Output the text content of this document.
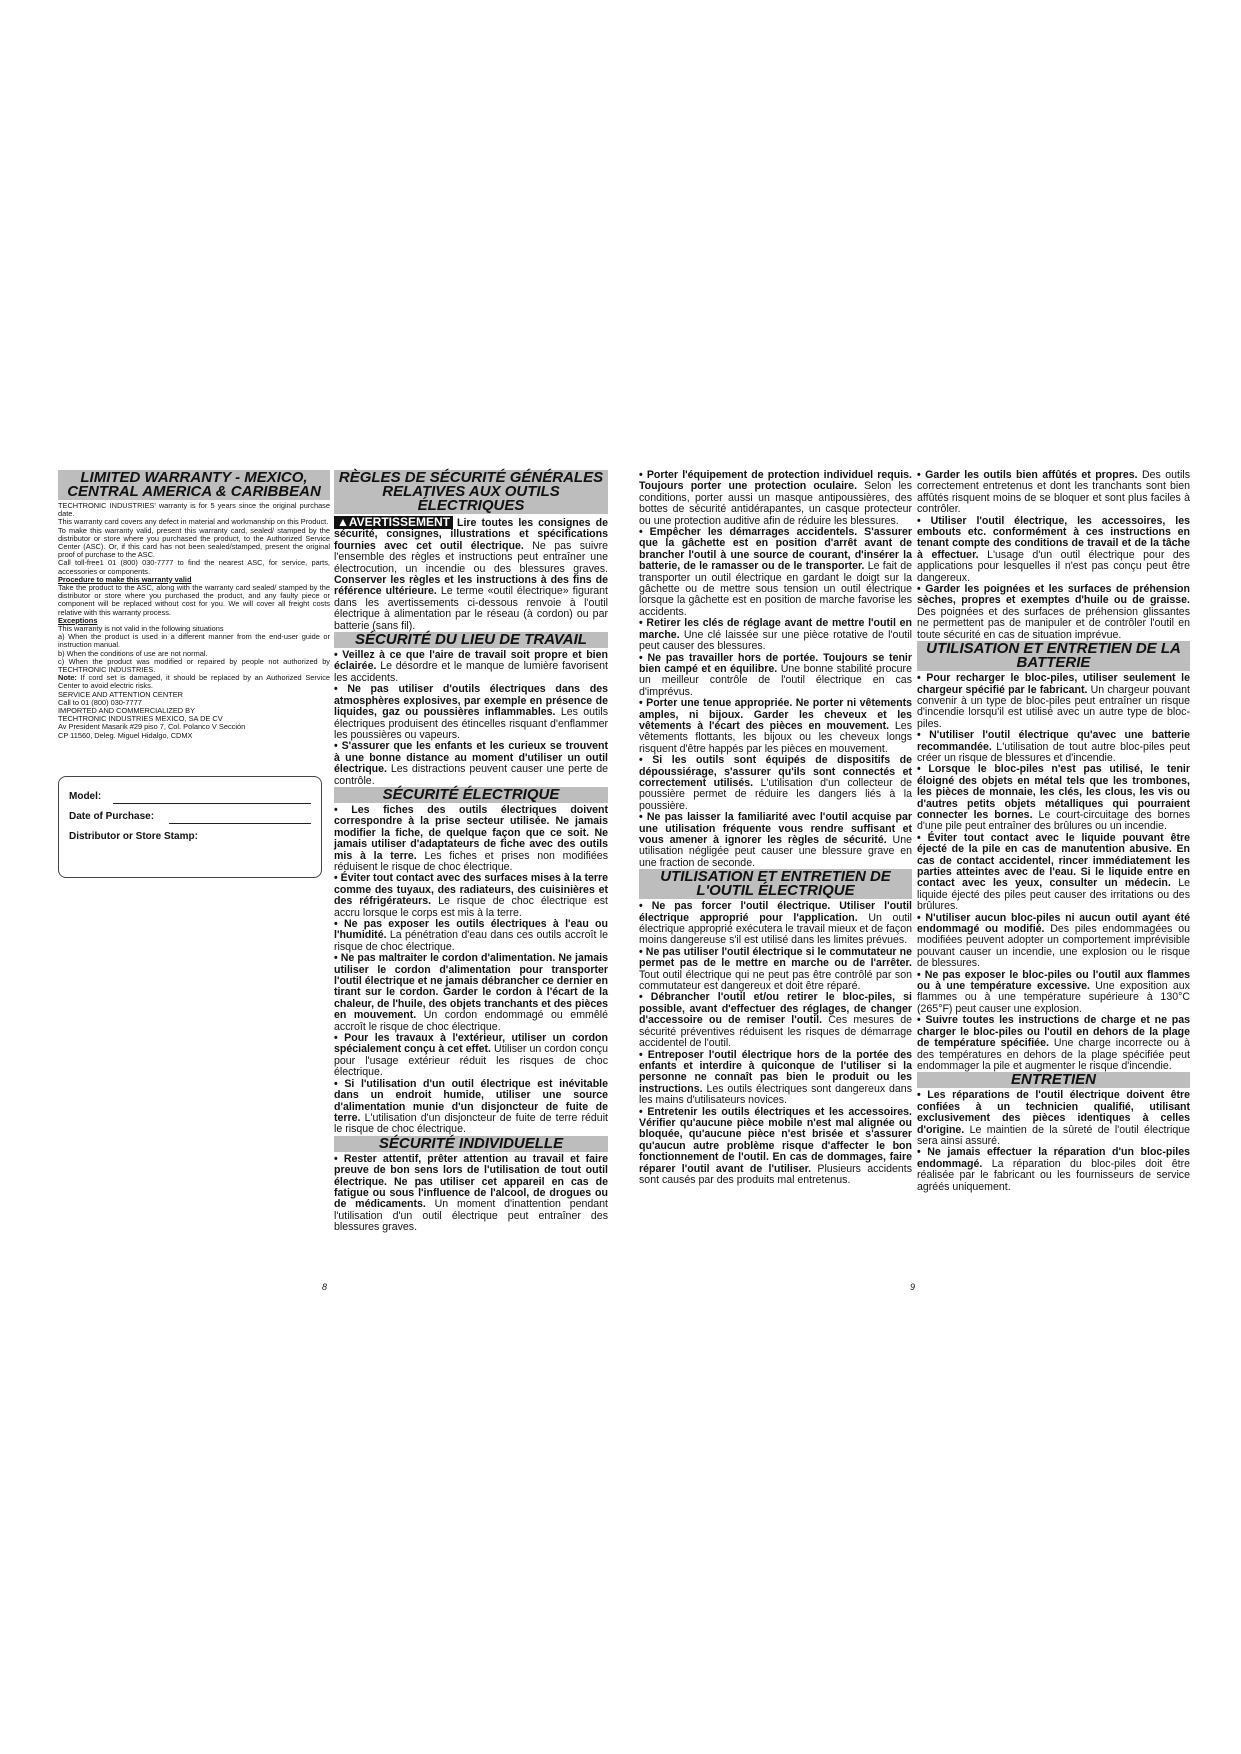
LIMITED WARRANTY - MEXICO, CENTRAL AMERICA & CARIBBEAN

TECHTRONIC INDUSTRIES' warranty is for 5 years since the original purchase date.

This warranty card covers any defect in material and workmanship on this Product.

To make this warranty valid, present this warranty card, sealed/ stamped by the distributor or store where you purchased the product, to the Authorized Service Center (ASC). Or, if this card has not been sealed/stamped, present the original proof of purchase to the ASC.

Call toll-free1 01 (800) 030-7777 to find the nearest ASC, for service, parts, accessories or components.

Procedure to make this warranty valid

Take the product to the ASC, along with the warranty card sealed/ stamped by the distributor or store where you purchased the product, and any faulty piece or component will be replaced without cost for you. We will cover all freight costs relative with this warranty process.

Exceptions

This warranty is not valid in the following situations

a) When the product is used in a different manner from the end-user guide or instruction manual.

b) When the conditions of use are not normal.

c) When the product was modified or repaired by people not authorized by TECHTRONIC INDUSTRIES.

Note: If cord set is damaged, it should be replaced by an Authorized Service Center to avoid electric risks.

SERVICE AND ATTENTION CENTER

Call to 01 (800) 030-7777

IMPORTED AND COMMERCIALIZED BY

TECHTRONIC INDUSTRIES MEXICO, SA DE CV

Av President Masarik #29 piso 7, Col. Polanco V Sección

CP 11560, Deleg. Miguel Hidalgo, CDMX

Model:
Date of Purchase:
Distributor or Store Stamp:
RÈGLES DE SÉCURITÉ GÉNÉRALES RELATIVES AUX OUTILS ÉLECTRIQUES

▲AVERTISSEMENT Lire toutes les consignes de sécurité, consignes, illustrations et spécifications fournies avec cet outil électrique. Ne pas suivre l'ensemble des règles et instructions peut entraîner une électrocution, un incendie ou des blessures graves. Conserver les règles et les instructions à des fins de référence ultérieure. Le terme «outil électrique» figurant dans les avertissements ci-dessous renvoie à l'outil électrique à alimentation par le réseau (à cordon) ou par batterie (sans fil).

SÉCURITÉ DU LIEU DE TRAVAIL

• Veillez à ce que l'aire de travail soit propre et bien éclairée. Le désordre et le manque de lumière favorisent les accidents.

• Ne pas utiliser d'outils électriques dans des atmosphères explosives, par exemple en présence de liquides, gaz ou poussières inflammables. Les outils électriques produisent des étincelles risquant d'enflammer les poussières ou vapeurs.

• S'assurer que les enfants et les curieux se trouvent à une bonne distance au moment d'utiliser un outil électrique. Les distractions peuvent causer une perte de contrôle.

SÉCURITÉ ÉLECTRIQUE

• Les fiches des outils électriques doivent correspondre à la prise secteur utilisée. Ne jamais modifier la fiche, de quelque façon que ce soit. Ne jamais utiliser d'adaptateurs de fiche avec des outils mis à la terre. Les fiches et prises non modifiées réduisent le risque de choc électrique.

• Éviter tout contact avec des surfaces mises à la terre comme des tuyaux, des radiateurs, des cuisinières et des réfrigérateurs. Le risque de choc électrique est accru lorsque le corps est mis à la terre.

• Ne pas exposer les outils électriques à l'eau ou l'humidité. La pénétration d'eau dans ces outils accroît le risque de choc électrique.

• Ne pas maltraiter le cordon d'alimentation. Ne jamais utiliser le cordon d'alimentation pour transporter l'outil électrique et ne jamais débrancher ce dernier en tirant sur le cordon. Garder le cordon à l'écart de la chaleur, de l'huile, des objets tranchants et des pièces en mouvement. Un cordon endommagé ou emmêlé accroît le risque de choc électrique.

• Pour les travaux à l'extérieur, utiliser un cordon spécialement conçu à cet effet. Utiliser un cordon conçu pour l'usage extérieur réduit les risques de choc électrique.

• Si l'utilisation d'un outil électrique est inévitable dans un endroit humide, utiliser une source d'alimentation munie d'un disjoncteur de fuite de terre. L'utilisation d'un disjoncteur de fuite de terre réduit le risque de choc électrique.

SÉCURITÉ INDIVIDUELLE

• Rester attentif, prêter attention au travail et faire preuve de bon sens lors de l'utilisation de tout outil électrique. Ne pas utiliser cet appareil en cas de fatigue ou sous l'influence de l'alcool, de drogues ou de médicaments. Un moment d'inattention pendant l'utilisation d'un outil électrique peut entraîner des blessures graves.

• Porter l'équipement de protection individuel requis. Toujours porter une protection oculaire. Selon les conditions, porter aussi un masque antipoussières, des bottes de sécurité antidérapantes, un casque protecteur ou une protection auditive afin de réduire les blessures.

• Empêcher les démarrages accidentels. S'assurer que la gâchette est en position d'arrêt avant de brancher l'outil à une source de courant, d'insérer la batterie, de le ramasser ou de le transporter. Le fait de transporter un outil électrique en gardant le doigt sur la gâchette ou de mettre sous tension un outil électrique lorsque la gâchette est en position de marche favorise les accidents.

• Retirer les clés de réglage avant de mettre l'outil en marche. Une clé laissée sur une pièce rotative de l'outil peut causer des blessures.

• Ne pas travailler hors de portée. Toujours se tenir bien campé et en équilibre. Une bonne stabilité procure un meilleur contrôle de l'outil électrique en cas d'imprévus.

• Porter une tenue appropriée. Ne porter ni vêtements amples, ni bijoux. Garder les cheveux et les vêtements à l'écart des pièces en mouvement. Les vêtements flottants, les bijoux ou les cheveux longs risquent d'être happés par les pièces en mouvement.

• Si les outils sont équipés de dispositifs de dépoussiérage, s'assurer qu'ils sont connectés et correctement utilisés. L'utilisation d'un collecteur de poussière permet de réduire les dangers liés à la poussière.

• Ne pas laisser la familiarité avec l'outil acquise par une utilisation fréquente vous rendre suffisant et vous amener à ignorer les règles de sécurité. Une utilisation négligée peut causer une blessure grave en une fraction de seconde.

UTILISATION ET ENTRETIEN DE L'OUTIL ÉLECTRIQUE

• Ne pas forcer l'outil électrique. Utiliser l'outil électrique approprié pour l'application. Un outil électrique approprié exécutera le travail mieux et de façon moins dangereuse s'il est utilisé dans les limites prévues.

• Ne pas utiliser l'outil électrique si le commutateur ne permet pas de le mettre en marche ou de l'arrêter. Tout outil électrique qui ne peut pas être contrôlé par son commutateur est dangereux et doit être réparé.

• Débrancher l'outil et/ou retirer le bloc-piles, si possible, avant d'effectuer des réglages, de changer d'accessoire ou de remiser l'outil. Ces mesures de sécurité préventives réduisent les risques de démarrage accidentel de l'outil.

• Entreposer l'outil électrique hors de la portée des enfants et interdire à quiconque de l'utiliser si la personne ne connaît pas bien le produit ou les instructions. Les outils électriques sont dangereux dans les mains d'utilisateurs novices.

• Entretenir les outils électriques et les accessoires. Vérifier qu'aucune pièce mobile n'est mal alignée ou bloquée, qu'aucune pièce n'est brisée et s'assurer qu'aucun autre problème risque d'affecter le bon fonctionnement de l'outil. En cas de dommages, faire réparer l'outil avant de l'utiliser. Plusieurs accidents sont causés par des produits mal entretenus.

• Garder les outils bien affûtés et propres. Des outils correctement entretenus et dont les tranchants sont bien affûtés risquent moins de se bloquer et sont plus faciles à contrôler.

• Utiliser l'outil électrique, les accessoires, les embouts etc. conformément à ces instructions en tenant compte des conditions de travail et de la tâche à effectuer. L'usage d'un outil électrique pour des applications pour lesquelles il n'est pas conçu peut être dangereux.

• Garder les poignées et les surfaces de préhension sèches, propres et exemptes d'huile ou de graisse. Des poignées et des surfaces de préhension glissantes ne permettent pas de manipuler et de contrôler l'outil en toute sécurité en cas de situation imprévue.

UTILISATION ET ENTRETIEN DE LA BATTERIE

• Pour recharger le bloc-piles, utiliser seulement le chargeur spécifié par le fabricant. Un chargeur pouvant convenir à un type de bloc-piles peut entraîner un risque d'incendie lorsqu'il est utilisé avec un autre type de bloc-piles.

• N'utiliser l'outil électrique qu'avec une batterie recommandée. L'utilisation de tout autre bloc-piles peut créer un risque de blessures et d'incendie.

• Lorsque le bloc-piles n'est pas utilisé, le tenir éloigné des objets en métal tels que les trombones, les pièces de monnaie, les clés, les clous, les vis ou d'autres petits objets métalliques qui pourraient connecter les bornes. Le court-circuitage des bornes d'une pile peut entraîner des brûlures ou un incendie.

• Éviter tout contact avec le liquide pouvant être éjecté de la pile en cas de manutention abusive. En cas de contact accidentel, rincer immédiatement les parties atteintes avec de l'eau. Si le liquide entre en contact avec les yeux, consulter un médecin. Le liquide éjecté des piles peut causer des irritations ou des brûlures.

• N'utiliser aucun bloc-piles ni aucun outil ayant été endommagé ou modifié. Des piles endommagées ou modifiées peuvent adopter un comportement imprévisible pouvant causer un incendie, une explosion ou le risque de blessures.

• Ne pas exposer le bloc-piles ou l'outil aux flammes ou à une température excessive. Une exposition aux flammes ou à une température supérieure à 130°C (265°F) peut causer une explosion.

• Suivre toutes les instructions de charge et ne pas charger le bloc-piles ou l'outil en dehors de la plage de température spécifiée. Une charge incorrecte ou à des températures en dehors de la plage spécifiée peut endommager la pile et augmenter le risque d'incendie.

ENTRETIEN

• Les réparations de l'outil électrique doivent être confiées à un technicien qualifié, utilisant exclusivement des pièces identiques à celles d'origine. Le maintien de la sûreté de l'outil électrique sera ainsi assuré.

• Ne jamais effectuer la réparation d'un bloc-piles endommagé. La réparation du bloc-piles doit être réalisée par le fabricant ou les fournisseurs de service agréés uniquement.

8	9
